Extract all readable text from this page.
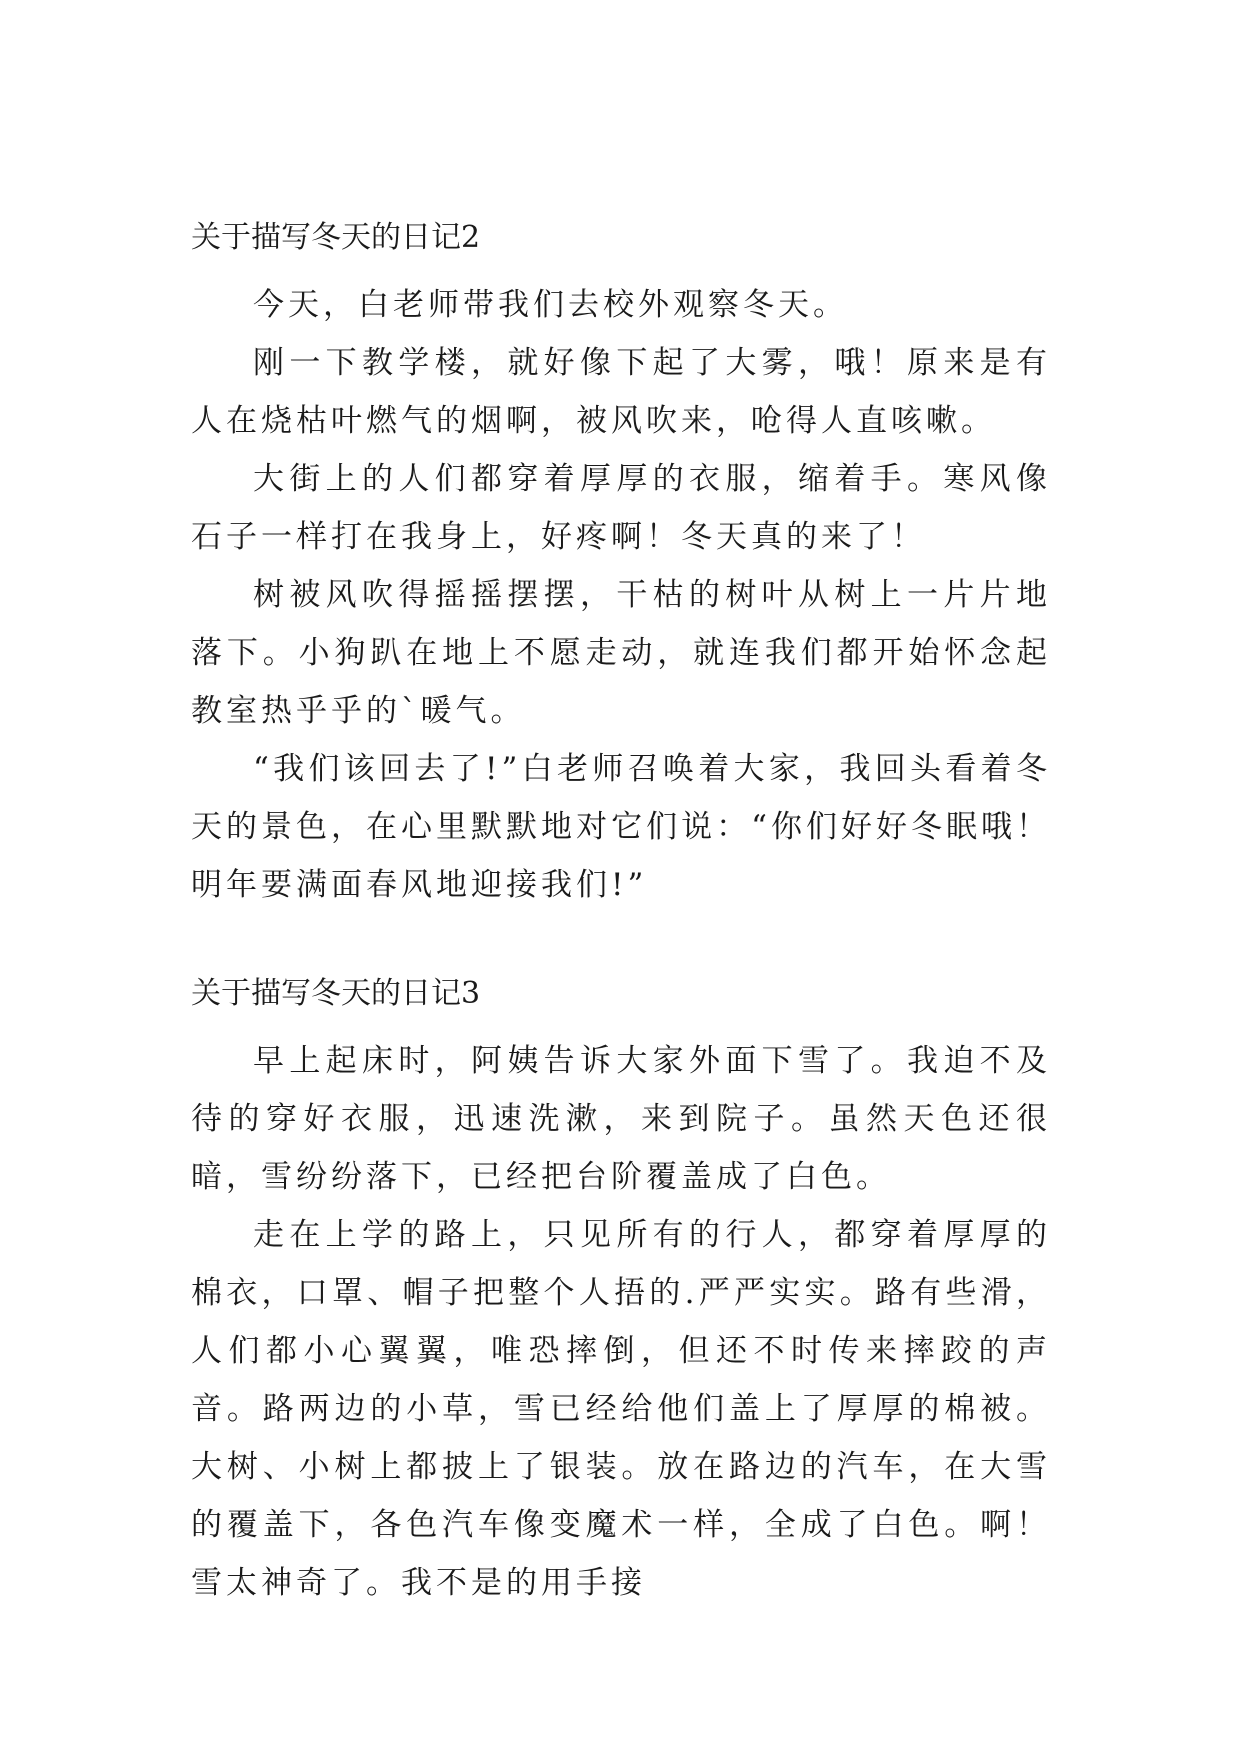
关于描写冬天的日记2

今天，白老师带我们去校外观察冬天。

刚一下教学楼，就好像下起了大雾，哦！原来是有人在烧枯叶燃气的烟啊，被风吹来，呛得人直咳嗽。

大街上的人们都穿着厚厚的衣服，缩着手。寒风像石子一样打在我身上，好疼啊！冬天真的来了！

树被风吹得摇摇摆摆，干枯的树叶从树上一片片地落下。小狗趴在地上不愿走动，就连我们都开始怀念起教室热乎乎的`暖气。

“我们该回去了!”白老师召唤着大家，我回头看着冬天的景色，在心里默默地对它们说：“你们好好冬眠哦！明年要满面春风地迎接我们!”

关于描写冬天的日记3

早上起床时，阿姨告诉大家外面下雪了。我迫不及待的穿好衣服，迅速洗漱，来到院子。虽然天色还很暗，雪纷纷落下，已经把台阶覆盖成了白色。

走在上学的路上，只见所有的行人，都穿着厚厚的棉衣，口罩、帽子把整个人捂的.严严实实。路有些滑，人们都小心翼翼，唯恐摔倒，但还不时传来摔跤的声音。路两边的小草，雪已经给他们盖上了厚厚的棉被。大树、小树上都披上了银装。放在路边的汽车，在大雪的覆盖下，各色汽车像变魔术一样，全成了白色。啊！雪太神奇了。我不是的用手接
